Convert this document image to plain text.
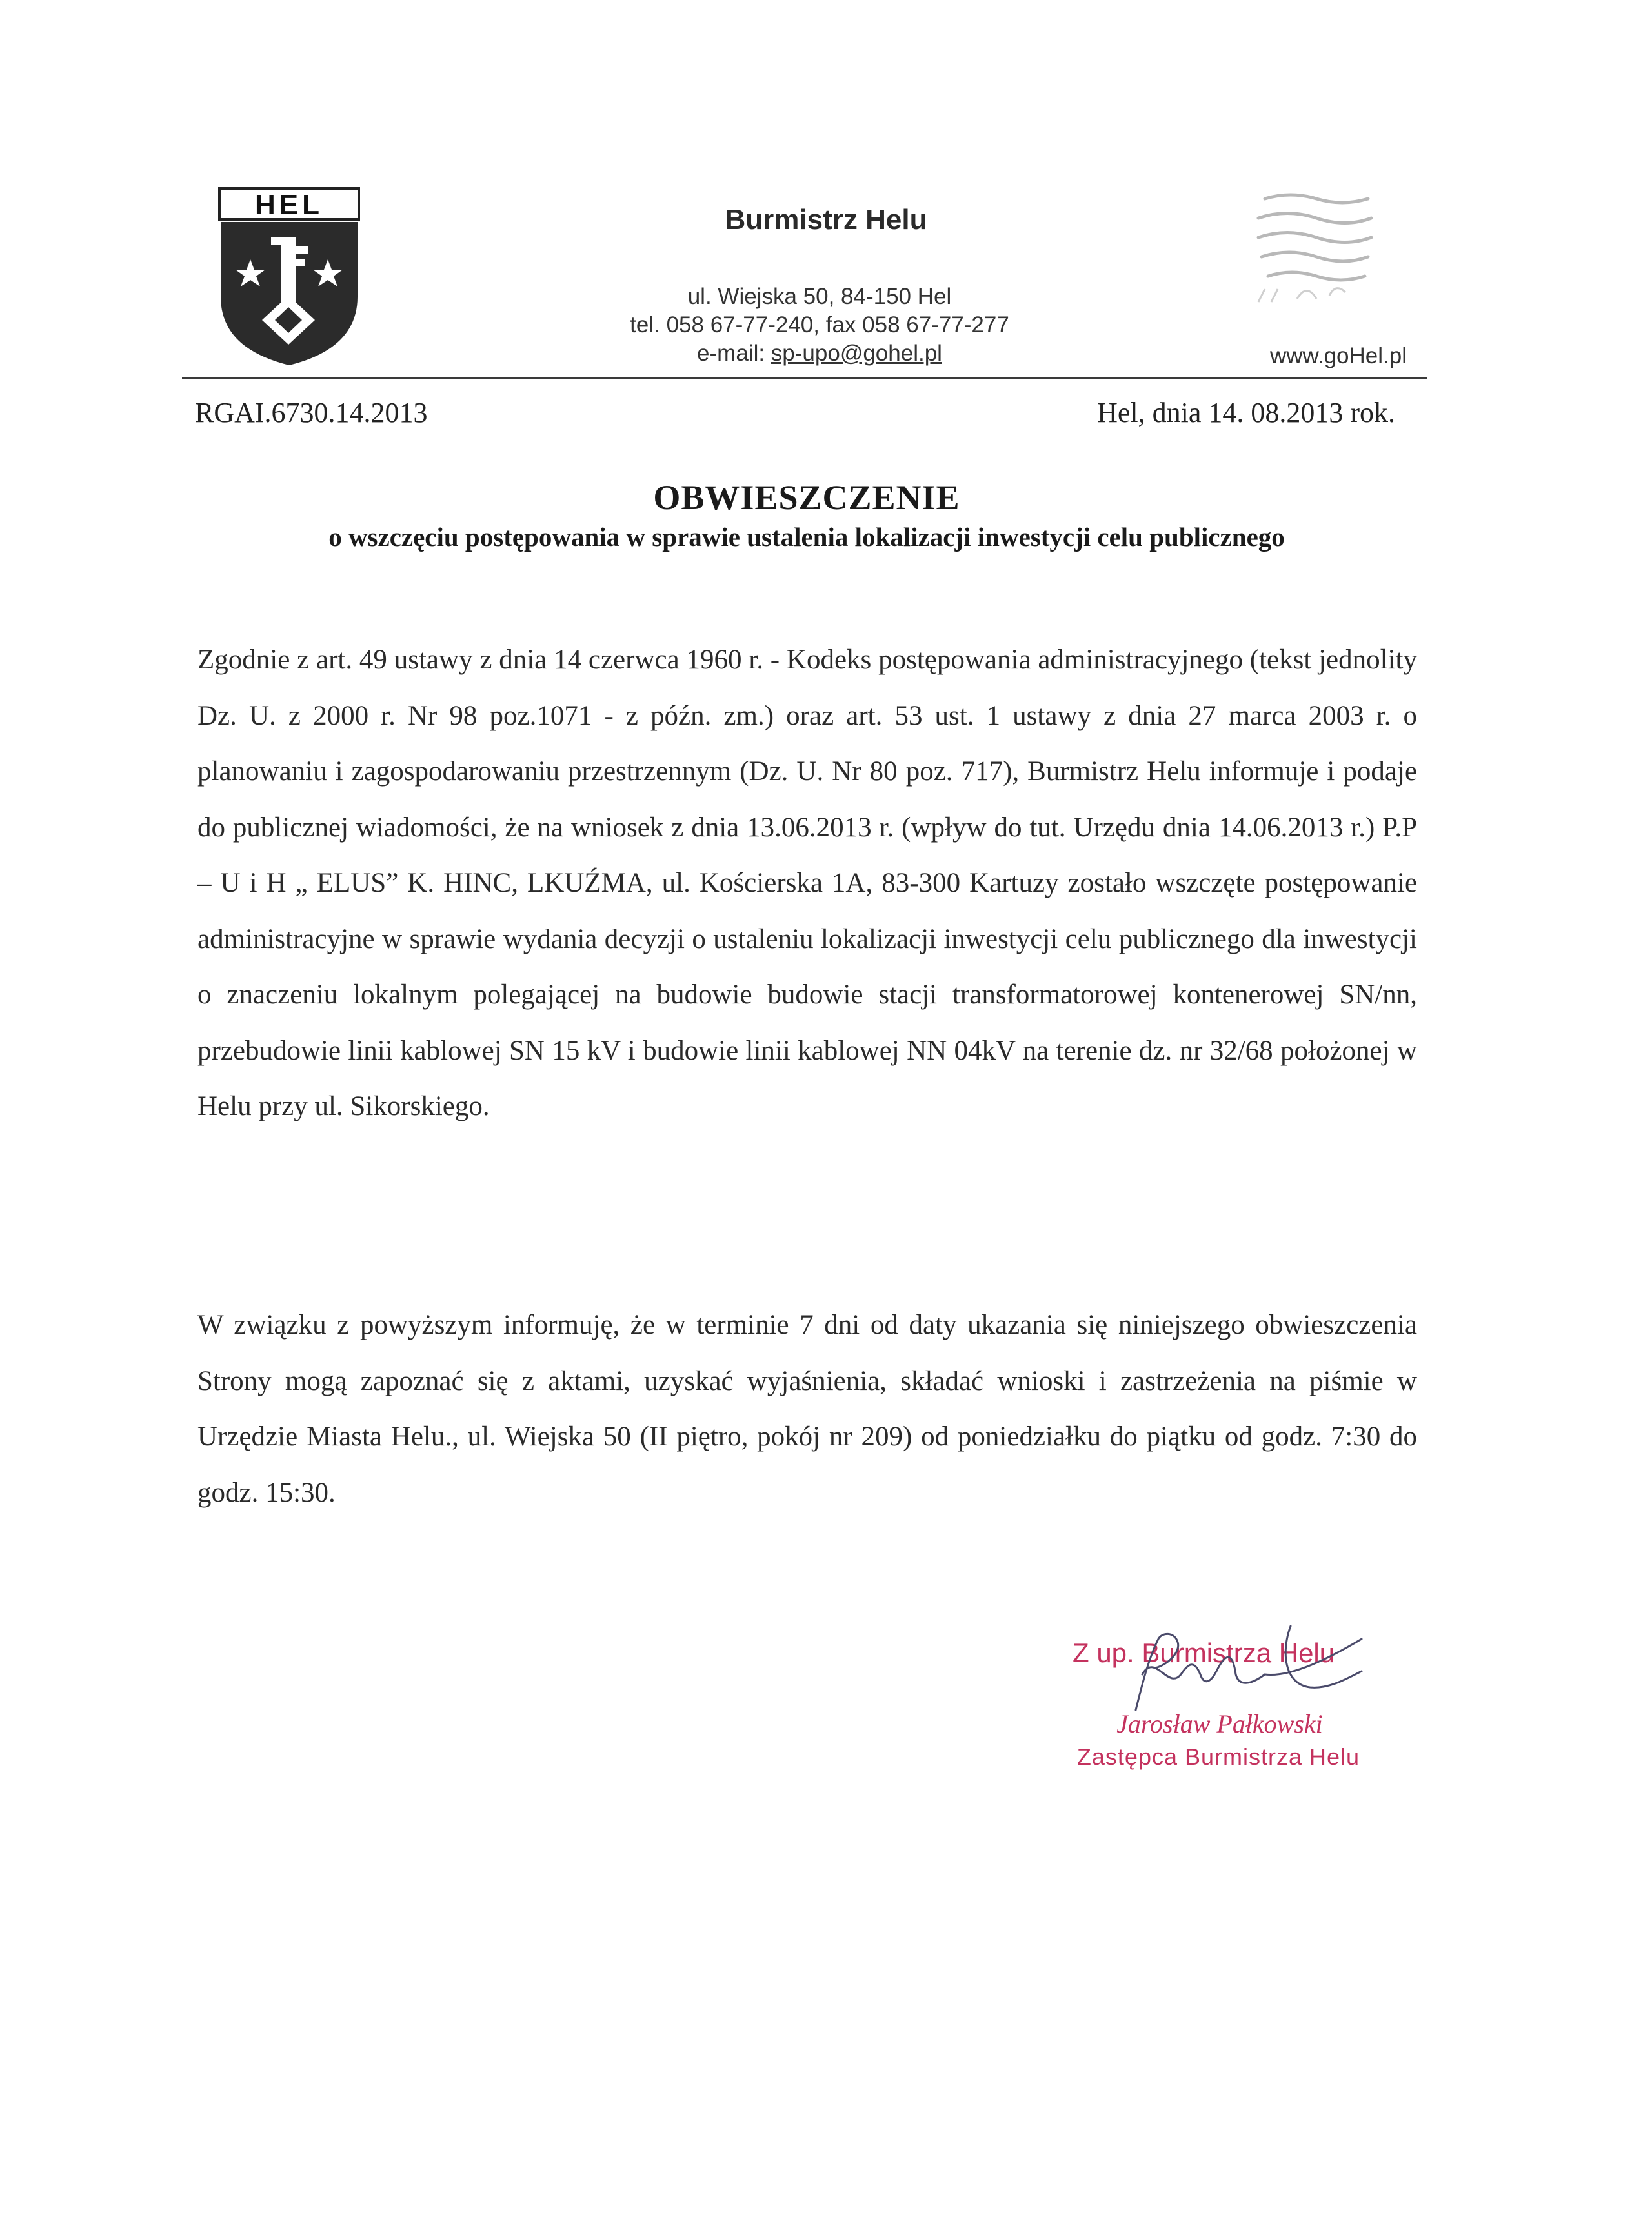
HEL	Burmistrz Helu
ul. Wiejska 50, 84-150 Hel
tel. 058 67-77-240, fax 058 67-77-277
e-mail: sp-upo@gohel.pl	www.goHel.pl
RGAI.6730.14.2013	Hel, dnia 14. 08.2013 rok.
OBWIESZCZENIE
o wszczęciu postępowania w sprawie ustalenia lokalizacji inwestycji celu publicznego

Zgodnie z art. 49 ustawy z dnia 14 czerwca 1960 r. - Kodeks postępowania administracyjnego (tekst jednolity Dz. U. z 2000 r. Nr 98 poz.1071 - z późn. zm.) oraz art. 53 ust. 1 ustawy z dnia 27 marca 2003 r. o planowaniu i zagospodarowaniu przestrzennym (Dz. U. Nr 80 poz. 717), Burmistrz Helu informuje i podaje do publicznej wiadomości, że na wniosek z dnia 13.06.2013 r. (wpływ do tut. Urzędu dnia 14.06.2013 r.) P.P – U i H „ ELUS” K. HINC, LKUŹMA, ul. Kościerska 1A, 83-300 Kartuzy zostało wszczęte postępowanie administracyjne w sprawie wydania decyzji o ustaleniu lokalizacji inwestycji celu publicznego dla inwestycji o znaczeniu lokalnym polegającej na budowie budowie stacji transformatorowej kontenerowej SN/nn, przebudowie linii kablowej SN 15 kV i budowie linii kablowej NN 04kV na terenie dz. nr 32/68 położonej w Helu przy ul. Sikorskiego.

W związku z powyższym informuję, że w terminie 7 dni od daty ukazania się niniejszego obwieszczenia Strony mogą zapoznać się z aktami, uzyskać wyjaśnienia, składać wnioski i zastrzeżenia na piśmie w Urzędzie Miasta Helu., ul. Wiejska 50 (II piętro, pokój nr 209) od poniedziałku do piątku od godz. 7:30 do godz. 15:30.

Z up. Burmistrza Helu
Jarosław Pałkowski
Zastępca Burmistrza Helu
